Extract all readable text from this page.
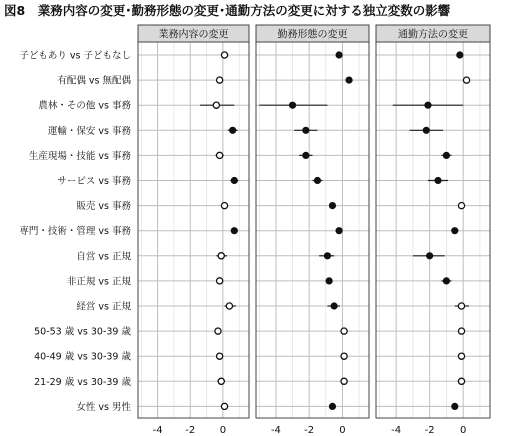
図8　業務内容の変更･勤務形態の変更･通勤方法の変更に対する独立変数の影響
子どもあり vs 子どもなし
有配偶 vs 無配偶
農林・その他 vs 事務
運輸・保安 vs 事務
生産現場・技能 vs 事務
サービス vs 事務
販売 vs 事務
専門・技術・管理 vs 事務
自営 vs 正規
非正規 vs 正規
経営 vs 正規
50-53 歳 vs 30-39 歳
40-49 歳 vs 30-39 歳
21-29 歳 vs 30-39 歳
女性 vs 男性
業務内容の変更
-4 -2 0
勤務形態の変更
-4 -2	0
通勤方法の変更
-4 -2	0
